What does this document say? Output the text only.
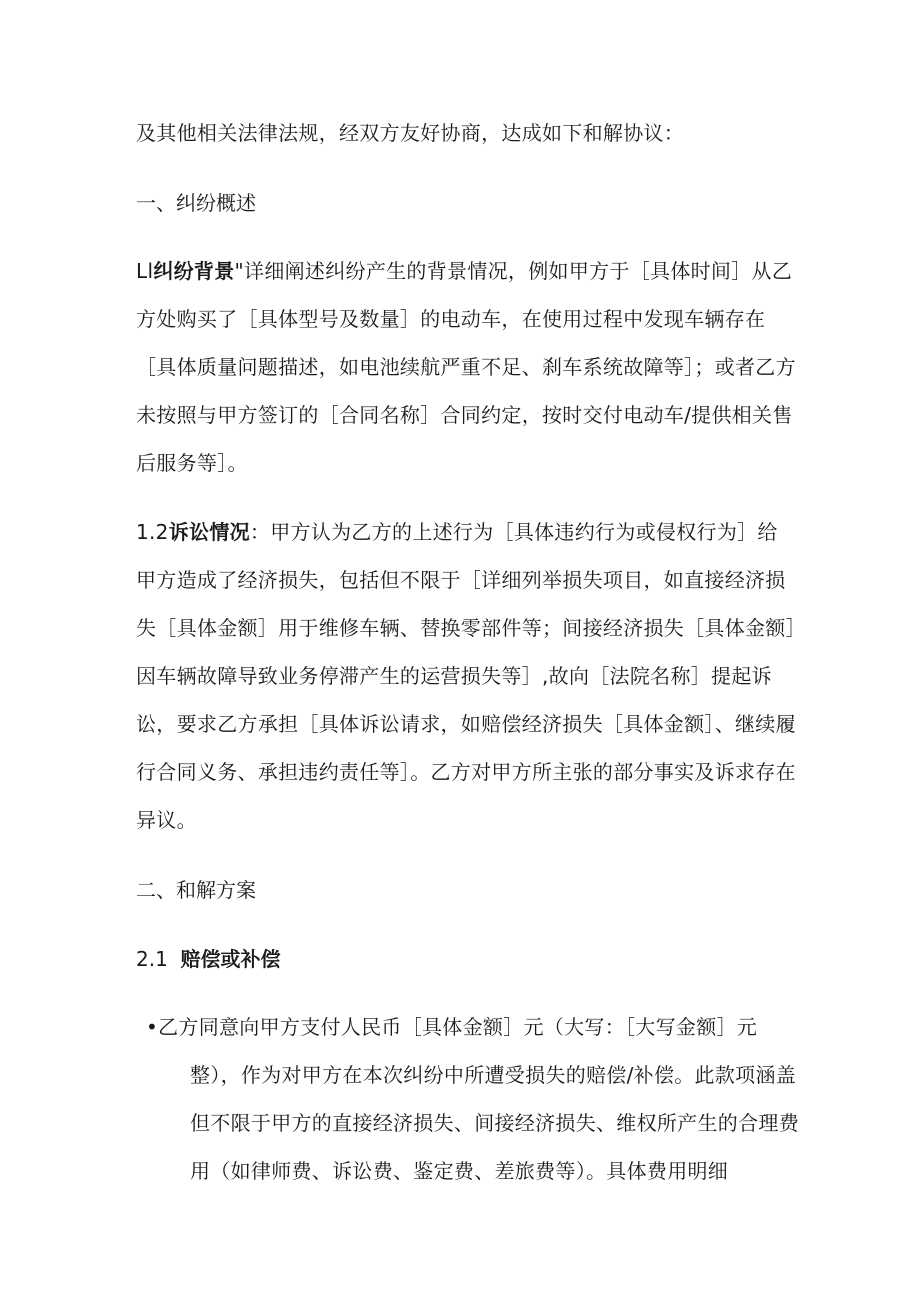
及其他相关法律法规，经双方友好协商，达成如下和解协议：

一、纠纷概述

Ll纠纷背景"详细阐述纠纷产生的背景情况，例如甲方于［具体时间］从乙方处购买了［具体型号及数量］的电动车，在使用过程中发现车辆存在［具体质量问题描述，如电池续航严重不足、刹车系统故障等］；或者乙方未按照与甲方签订的［合同名称］合同约定，按时交付电动车/提供相关售后服务等］。

1.2诉讼情况：甲方认为乙方的上述行为［具体违约行为或侵权行为］给甲方造成了经济损失，包括但不限于［详细列举损失项目，如直接经济损失［具体金额］用于维修车辆、替换零部件等；间接经济损失［具体金额］因车辆故障导致业务停滞产生的运营损失等］,故向［法院名称］提起诉讼，要求乙方承担［具体诉讼请求，如赔偿经济损失［具体金额］、继续履行合同义务、承担违约责任等］。乙方对甲方所主张的部分事实及诉求存在异议。

二、和解方案

2.1 赔偿或补偿

•乙方同意向甲方支付人民币［具体金额］元（大写：［大写金额］元
整），作为对甲方在本次纠纷中所遭受损失的赔偿/补偿。此款项涵盖但不限于甲方的直接经济损失、间接经济损失、维权所产生的合理费用（如律师费、诉讼费、鉴定费、差旅费等）。具体费用明细
